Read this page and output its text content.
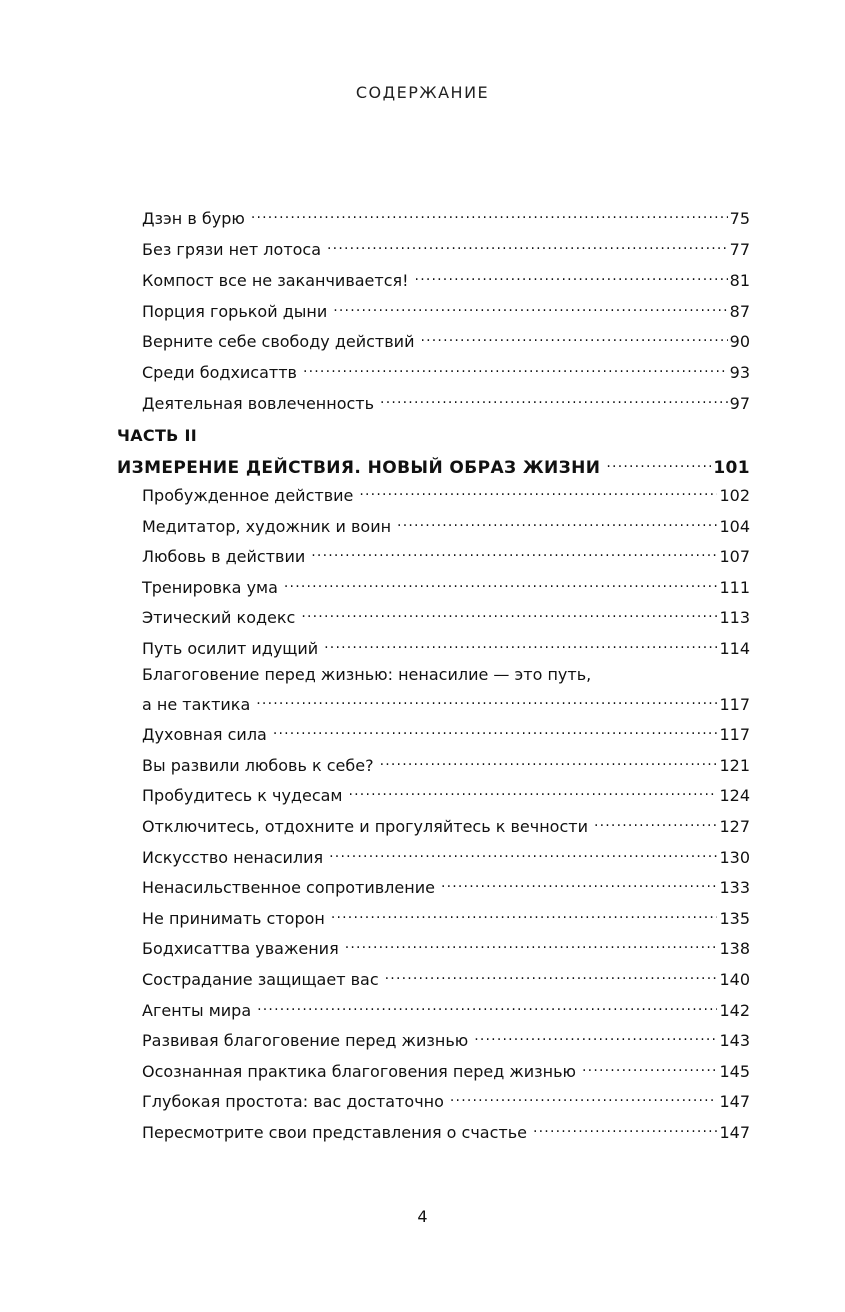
СОДЕРЖАНИЕ
Дзэн в бурю .....	75
Без грязи нет лотоса .....	77
Компост все не заканчивается! .....	81
Порция горькой дыни .....	87
Верните себе свободу действий .....	90
Среди бодхисаттв .....	93
Деятельная вовлеченность .....	97
ЧАСТЬ II
ИЗМЕРЕНИЕ ДЕЙСТВИЯ. НОВЫЙ ОБРАЗ ЖИЗНИ .....	101
Пробужденное действие .....	102
Медитатор, художник и воин .....	104
Любовь в действии .....	107
Тренировка ума .....	111
Этический кодекс .....	113
Путь осилит идущий .....	114
Благоговение перед жизнью: ненасилие — это путь,
а не тактика .....	117
Духовная сила .....	117
Вы развили любовь к себе? .....	121
Пробудитесь к чудесам .....	124
Отключитесь, отдохните и прогуляйтесь к вечности .....	127
Искусство ненасилия .....	130
Ненасильственное сопротивление .....	133
Не принимать сторон .....	135
Бодхисаттва уважения .....	138
Сострадание защищает вас .....	140
Агенты мира .....	142
Развивая благоговение перед жизнью .....	143
Осознанная практика благоговения перед жизнью .....	145
Глубокая простота: вас достаточно .....	147
Пересмотрите свои представления о счастье .....	147
4
